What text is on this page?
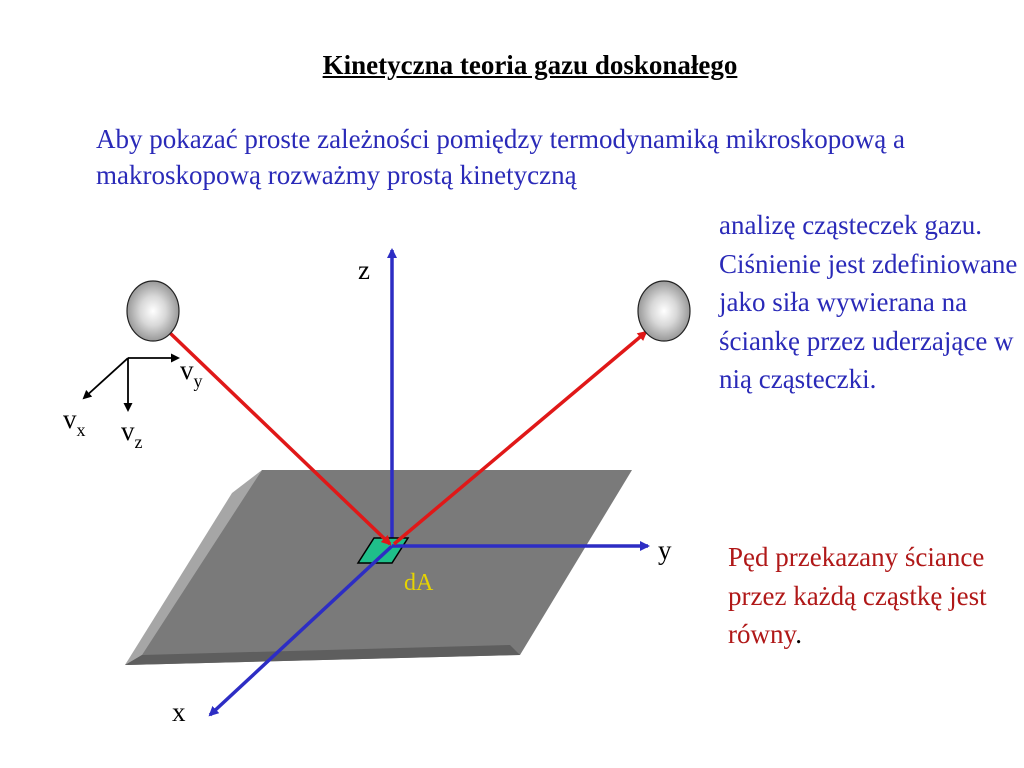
Kinetyczna teoria gazu doskonałego
Aby pokazać proste zależności pomiędzy termodynamiką mikroskopową a makroskopową rozważmy prostą kinetyczną
analizę cząsteczek gazu. Ciśnienie jest zdefiniowane jako siła wywierana na ściankę przez uderzające w nią cząsteczki.
Pęd przekazany ściance przez każdą cząstkę jest równy.
z
y
x
dA
$v_y$
$v_x$ $v_z$
